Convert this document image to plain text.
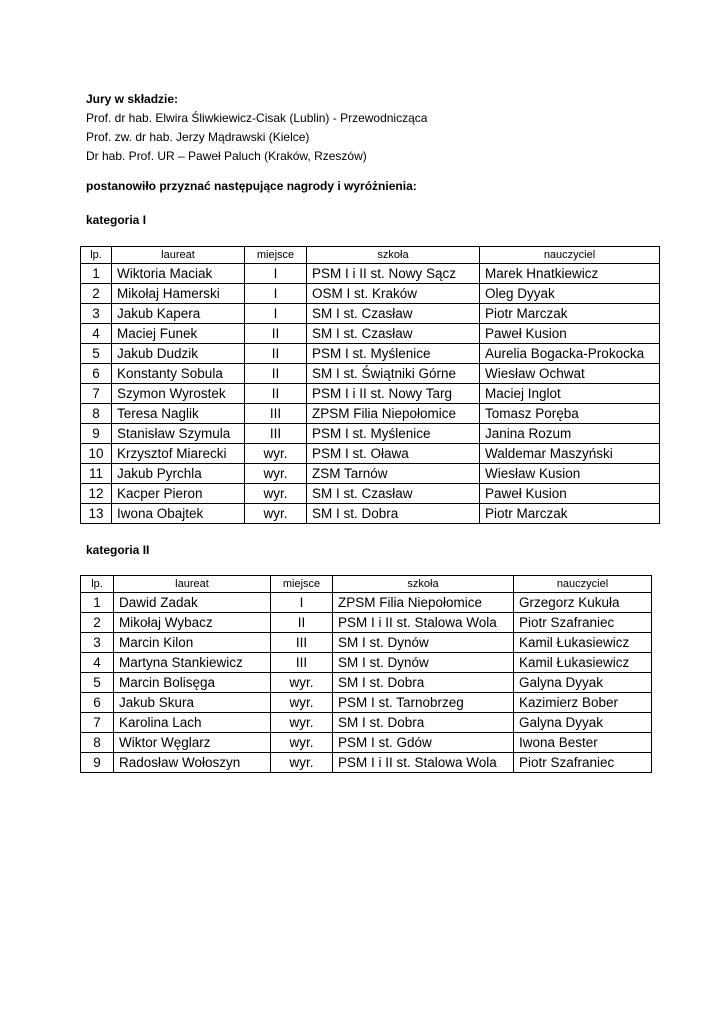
Jury w składzie:
Prof. dr hab. Elwira Śliwkiewicz-Cisak (Lublin) - Przewodnicząca
Prof. zw. dr hab. Jerzy Mądrawski (Kielce)
Dr hab. Prof. UR – Paweł Paluch (Kraków, Rzeszów)
postanowiło przyznać następujące nagrody i wyróżnienia:
kategoria I
lp.	laureat	miejsce	szkoła	nauczyciel
1	Wiktoria Maciak	I	PSM I i II st. Nowy Sącz	Marek Hnatkiewicz
2	Mikołaj Hamerski	I	OSM I st. Kraków	Oleg Dyyak
3	Jakub Kapera	I	SM I st. Czasław	Piotr Marczak
4	Maciej Funek	II	SM I st. Czasław	Paweł Kusion
5	Jakub Dudzik	II	PSM I st. Myślenice	Aurelia Bogacka-Prokocka
6	Konstanty Sobula	II	SM I st. Świątniki Górne	Wiesław Ochwat
7	Szymon Wyrostek	II	PSM I i II st. Nowy Targ	Maciej Inglot
8	Teresa Naglik	III	ZPSM Filia Niepołomice	Tomasz Poręba
9	Stanisław Szymula	III	PSM I st. Myślenice	Janina Rozum
10	Krzysztof Miarecki	wyr.	PSM I st. Oława	Waldemar Maszyński
11	Jakub Pyrchla	wyr.	ZSM Tarnów	Wiesław Kusion
12	Kacper Pieron	wyr.	SM I st. Czasław	Paweł Kusion
13	Iwona Obajtek	wyr.	SM I st. Dobra	Piotr Marczak
kategoria II
lp.	laureat	miejsce	szkoła	nauczyciel
1	Dawid Zadak	I	ZPSM Filia Niepołomice	Grzegorz Kukuła
2	Mikołaj Wybacz	II	PSM I i II st. Stalowa Wola	Piotr Szafraniec
3	Marcin Kilon	III	SM I st. Dynów	Kamil Łukasiewicz
4	Martyna Stankiewicz	III	SM I st. Dynów	Kamil Łukasiewicz
5	Marcin Bolisęga	wyr.	SM I st. Dobra	Galyna Dyyak
6	Jakub Skura	wyr.	PSM I st. Tarnobrzeg	Kazimierz Bober
7	Karolina Lach	wyr.	SM I st. Dobra	Galyna Dyyak
8	Wiktor Węglarz	wyr.	PSM I st. Gdów	Iwona Bester
9	Radosław Wołoszyn	wyr.	PSM I i II st. Stalowa Wola	Piotr Szafraniec
